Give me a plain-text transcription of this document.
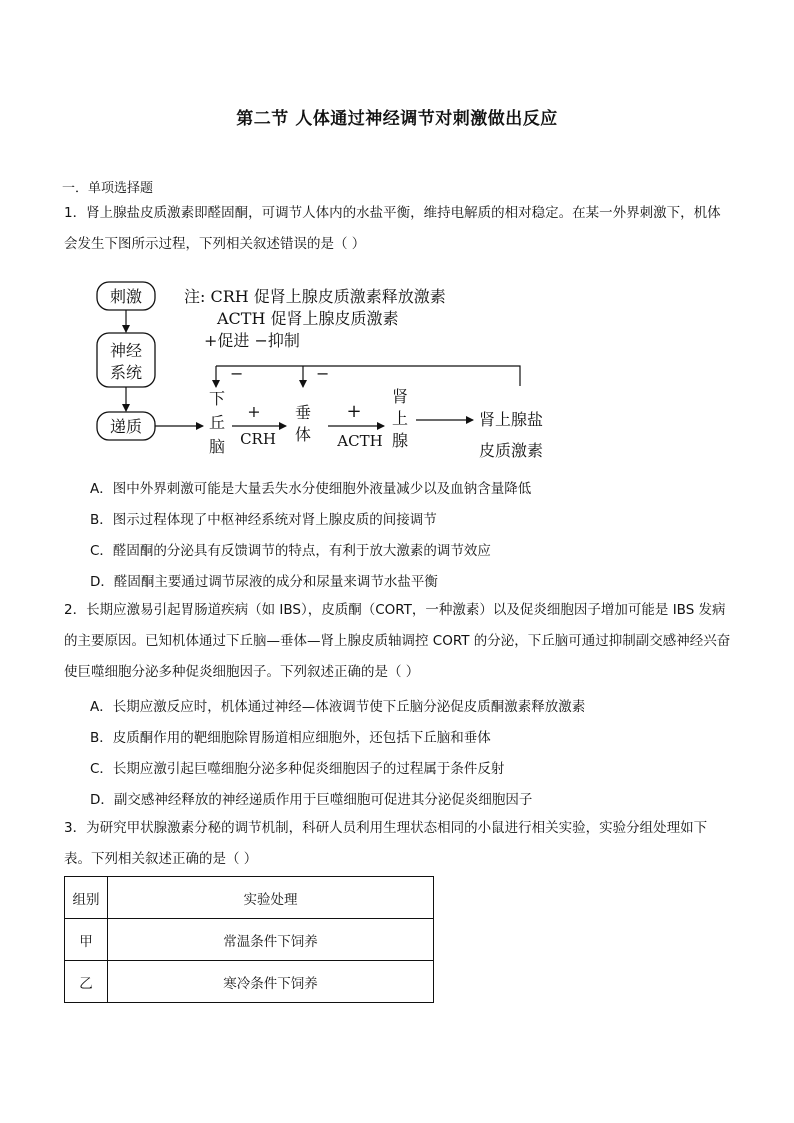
第二节 人体通过神经调节对刺激做出反应
一．单项选择题

1．肾上腺盐皮质激素即醛固酮，可调节人体内的水盐平衡，维持电解质的相对稳定。在某一外界刺激下，机体会发生下图所示过程，下列相关叙述错误的是（ ）

刺激
神经
系统
递质
注: CRH 促肾上腺皮质激素释放激素
ACTH 促肾上腺皮质激素
+促进 −抑制
−	−
下
丘
脑
+
CRH
垂
体
+
ACTH
肾
上
腺
肾上腺盐
皮质激素
A．图中外界刺激可能是大量丢失水分使细胞外液量减少以及血钠含量降低
B．图示过程体现了中枢神经系统对肾上腺皮质的间接调节
C．醛固酮的分泌具有反馈调节的特点，有利于放大激素的调节效应
D．醛固酮主要通过调节尿液的成分和尿量来调节水盐平衡

2．长期应激易引起胃肠道疾病（如 IBS），皮质酮（CORT，一种激素）以及促炎细胞因子增加可能是 IBS 发病的主要原因。已知机体通过下丘脑—垂体—肾上腺皮质轴调控 CORT 的分泌，下丘脑可通过抑制副交感神经兴奋使巨噬细胞分泌多种促炎细胞因子。下列叙述正确的是（ ）

A．长期应激反应时，机体通过神经—体液调节使下丘脑分泌促皮质酮激素释放激素
B．皮质酮作用的靶细胞除胃肠道相应细胞外，还包括下丘脑和垂体
C．长期应激引起巨噬细胞分泌多种促炎细胞因子的过程属于条件反射
D．副交感神经释放的神经递质作用于巨噬细胞可促进其分泌促炎细胞因子

3．为研究甲状腺激素分秘的调节机制，科研人员利用生理状态相同的小鼠进行相关实验，实验分组处理如下表。下列相关叙述正确的是（ ）

组别	实验处理
甲	常温条件下饲养
乙	寒冷条件下饲养
